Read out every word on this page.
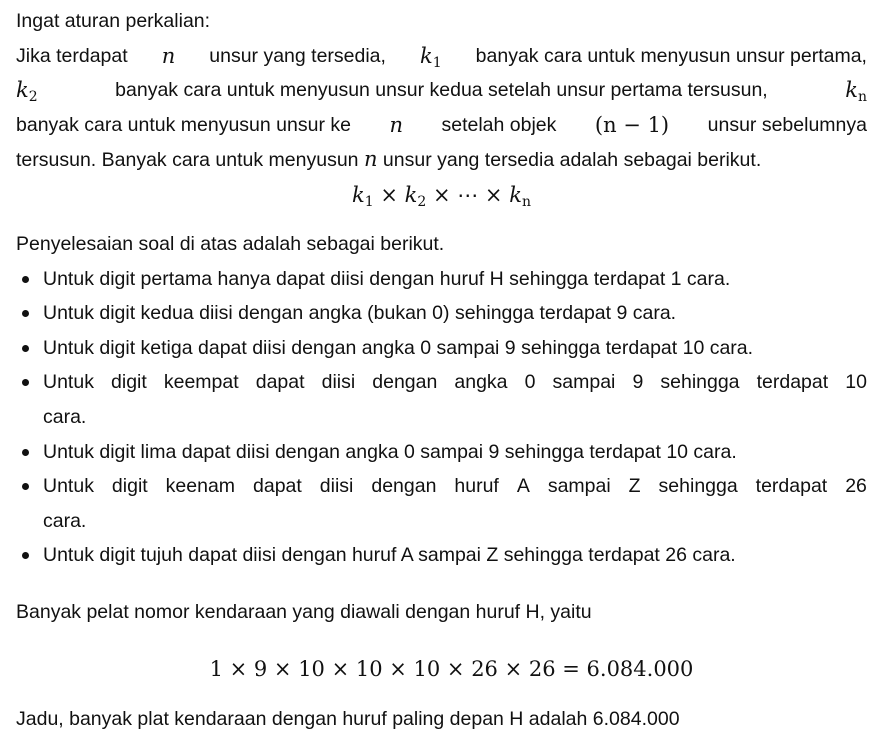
Ingat aturan perkalian:
Jika terdapat n unsur yang tersedia, $k_1$ banyak cara untuk menyusun unsur pertama,
$k_2$	banyak cara untuk menyusun unsur kedua setelah unsur pertama tersusun,	$k_n$
banyak cara untuk menyusun unsur ke n setelah objek (n − 1) unsur sebelumnya
tersusun. Banyak cara untuk menyusun n unsur yang tersedia adalah sebagai berikut.
$k_1 \times k_2$ × ⋯ × $k_n$
Penyelesaian soal di atas adalah sebagai berikut.
Untuk digit pertama hanya dapat diisi dengan huruf H sehingga terdapat 1 cara.
Untuk digit kedua diisi dengan angka (bukan 0) sehingga terdapat 9 cara.
Untuk digit ketiga dapat diisi dengan angka 0 sampai 9 sehingga terdapat 10 cara.
Untuk digit keempat dapat diisi dengan angka 0 sampai 9 sehingga terdapat 10
cara.
Untuk digit lima dapat diisi dengan angka 0 sampai 9 sehingga terdapat 10 cara.
Untuk digit keenam dapat diisi dengan huruf A sampai Z sehingga terdapat 26
cara.
Untuk digit tujuh dapat diisi dengan huruf A sampai Z sehingga terdapat 26 cara.
Banyak pelat nomor kendaraan yang diawali dengan huruf H, yaitu
1 × 9 × 10 × 10 × 10 × 26 × 26 = 6.084.000
Jadu, banyak plat kendaraan dengan huruf paling depan H adalah 6.084.000
